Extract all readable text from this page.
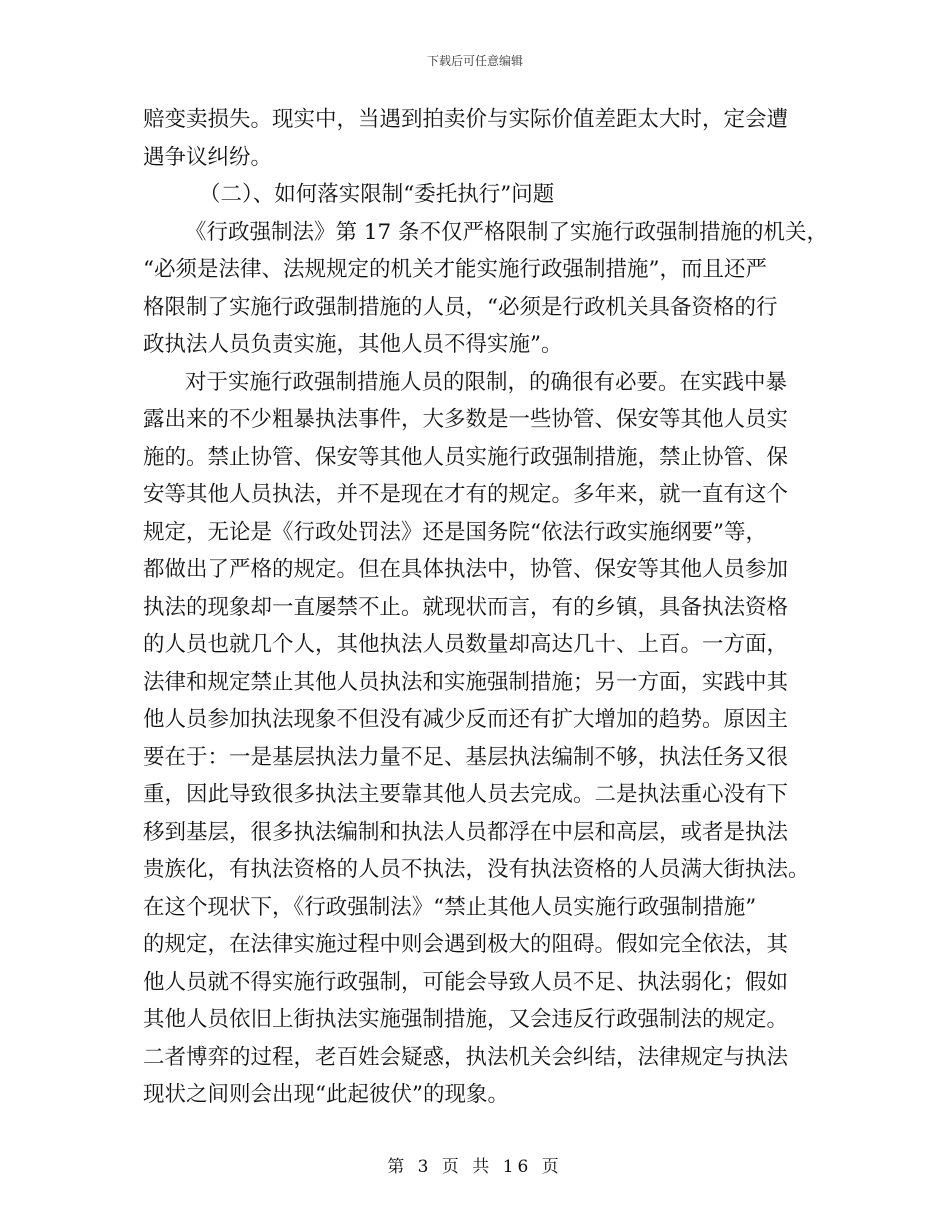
下载后可任意编辑
赔变卖损失。现实中，当遇到拍卖价与实际价值差距太大时，定会遭
遇争议纠纷。
（二）、如何落实限制“委托执行”问题
《行政强制法》第 17 条不仅严格限制了实施行政强制措施的机关，
“必须是法律、法规规定的机关才能实施行政强制措施”，而且还严
格限制了实施行政强制措施的人员，“必须是行政机关具备资格的行
政执法人员负责实施，其他人员不得实施”。
对于实施行政强制措施人员的限制，的确很有必要。在实践中暴
露出来的不少粗暴执法事件，大多数是一些协管、保安等其他人员实
施的。禁止协管、保安等其他人员实施行政强制措施，禁止协管、保
安等其他人员执法，并不是现在才有的规定。多年来，就一直有这个
规定，无论是《行政处罚法》还是国务院“依法行政实施纲要”等，
都做出了严格的规定。但在具体执法中，协管、保安等其他人员参加
执法的现象却一直屡禁不止。就现状而言，有的乡镇，具备执法资格
的人员也就几个人，其他执法人员数量却高达几十、上百。一方面，
法律和规定禁止其他人员执法和实施强制措施；另一方面，实践中其
他人员参加执法现象不但没有减少反而还有扩大增加的趋势。原因主
要在于：一是基层执法力量不足、基层执法编制不够，执法任务又很
重，因此导致很多执法主要靠其他人员去完成。二是执法重心没有下
移到基层，很多执法编制和执法人员都浮在中层和高层，或者是执法
贵族化，有执法资格的人员不执法，没有执法资格的人员满大街执法。
在这个现状下，《行政强制法》“禁止其他人员实施行政强制措施”
的规定，在法律实施过程中则会遇到极大的阻碍。假如完全依法，其
他人员就不得实施行政强制，可能会导致人员不足、执法弱化；假如
其他人员依旧上街执法实施强制措施，又会违反行政强制法的规定。
二者博弈的过程，老百姓会疑惑，执法机关会纠结，法律规定与执法
现状之间则会出现“此起彼伏”的现象。
第 3 页 共 16 页
